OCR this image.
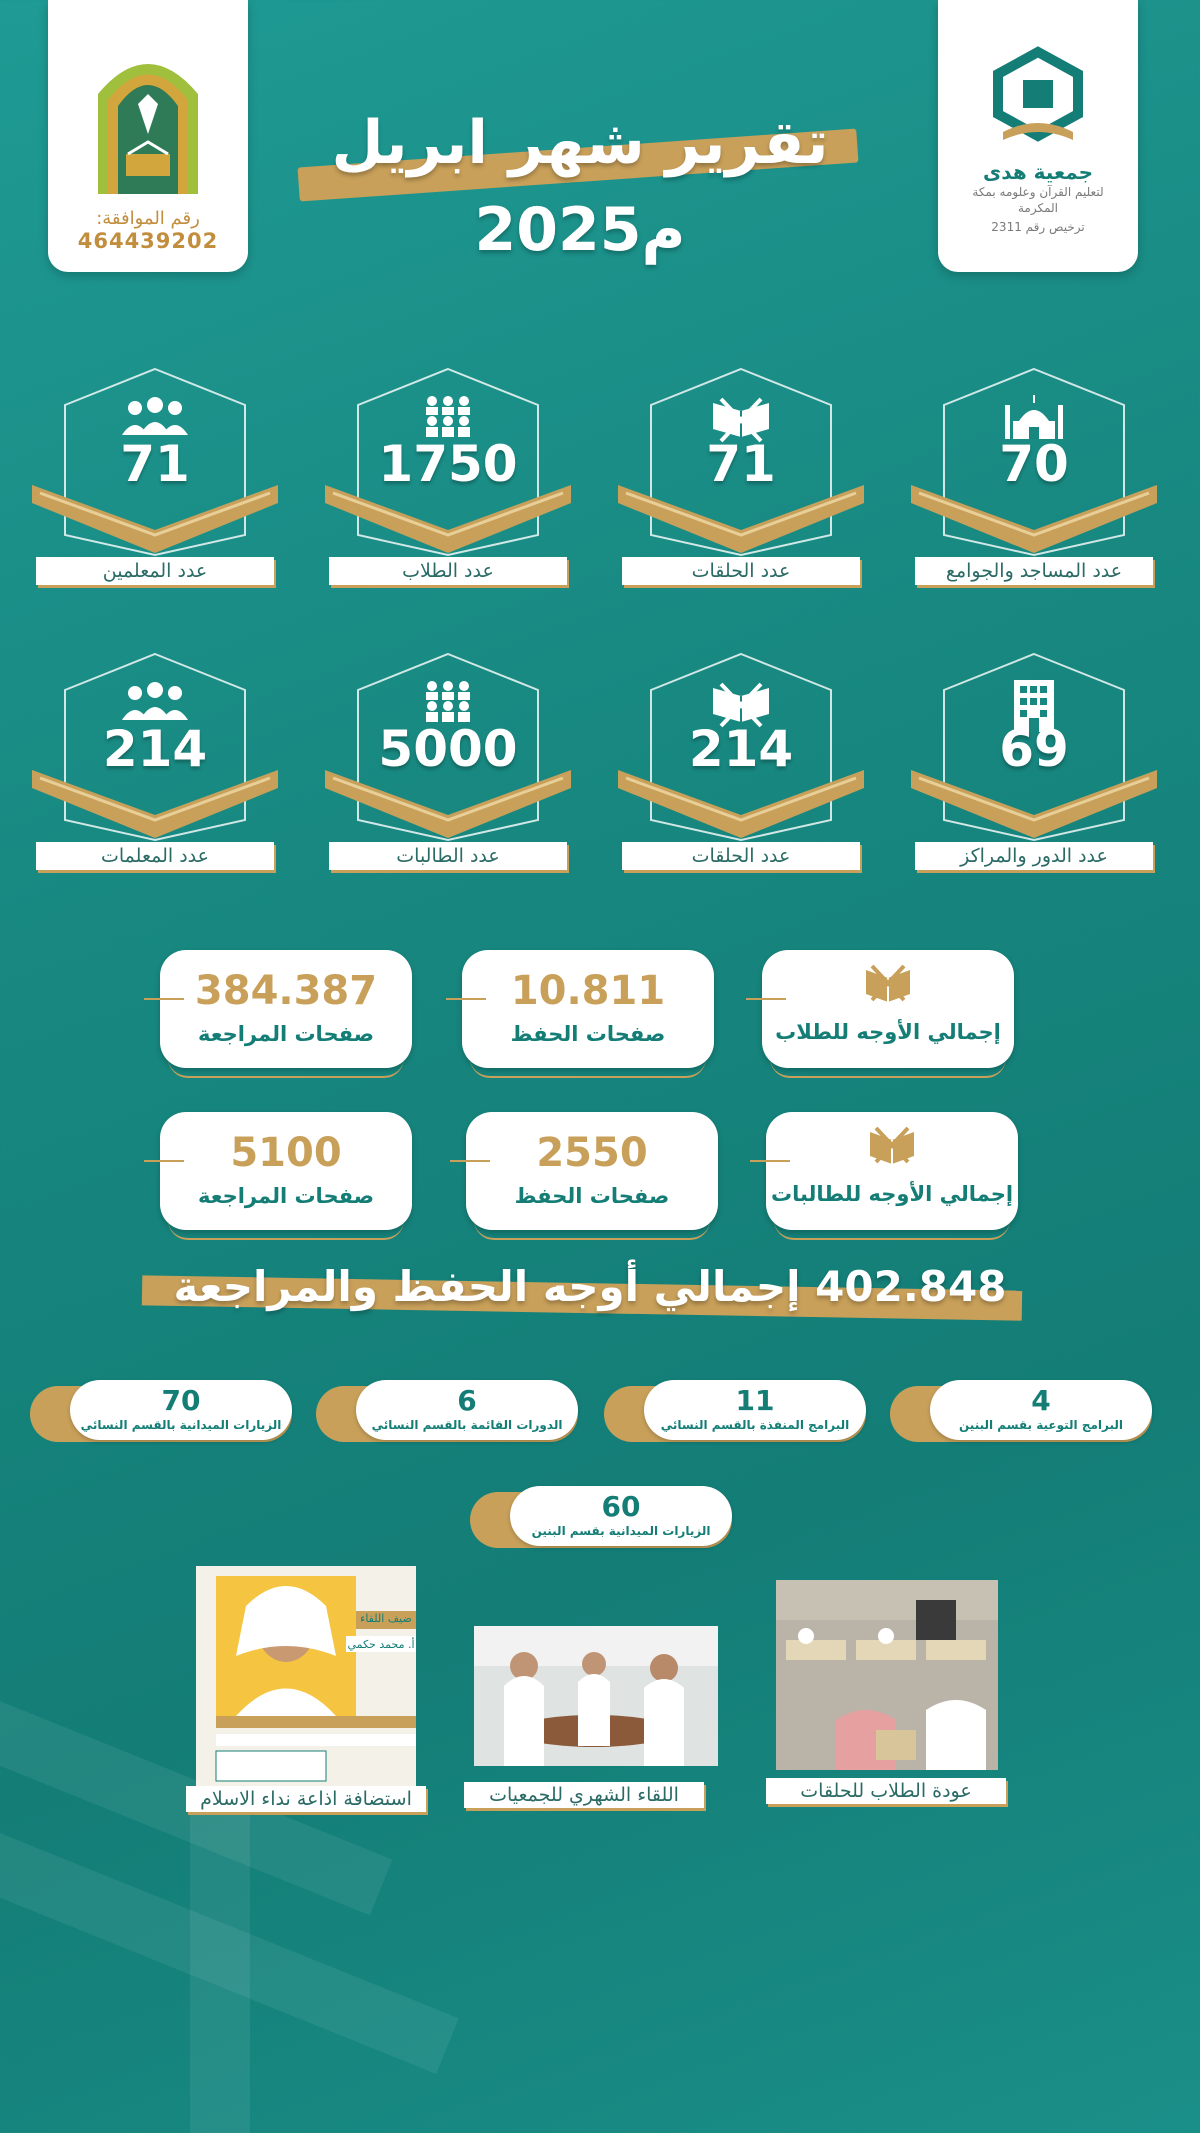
رقم الموافقة:
464439202
جمعية هدى
لتعليم القرآن وعلومه بمكة المكرمة
ترخيص رقم 2311
تقرير شهر ابريل
2025م
71
عدد المعلمين
1750
عدد الطلاب
71
عدد الحلقات
70
عدد المساجد والجوامع
214
عدد المعلمات
5000
عدد الطالبات
214
عدد الحلقات
69
عدد الدور والمراكز
384.387
صفحات المراجعة
10.811
صفحات الحفظ	إجمالي الأوجه للطلاب
5100
صفحات المراجعة
2550
صفحات الحفظ	إجمالي الأوجه للطالبات
402.848 إجمالي أوجه الحفظ والمراجعة
70
الزيارات الميدانية بالقسم النسائي
6
الدورات القائمة بالقسم النسائي
11
البرامج المنفذة بالقسم النسائي
4
البرامج التوعية بقسم البنين
60
الزيارات الميدانية بقسم البنين
ضيف اللقاء
أ. محمد حكمي
استضافة اذاعة نداء الاسلام	اللقاء الشهري للجمعيات	عودة الطلاب للحلقات
